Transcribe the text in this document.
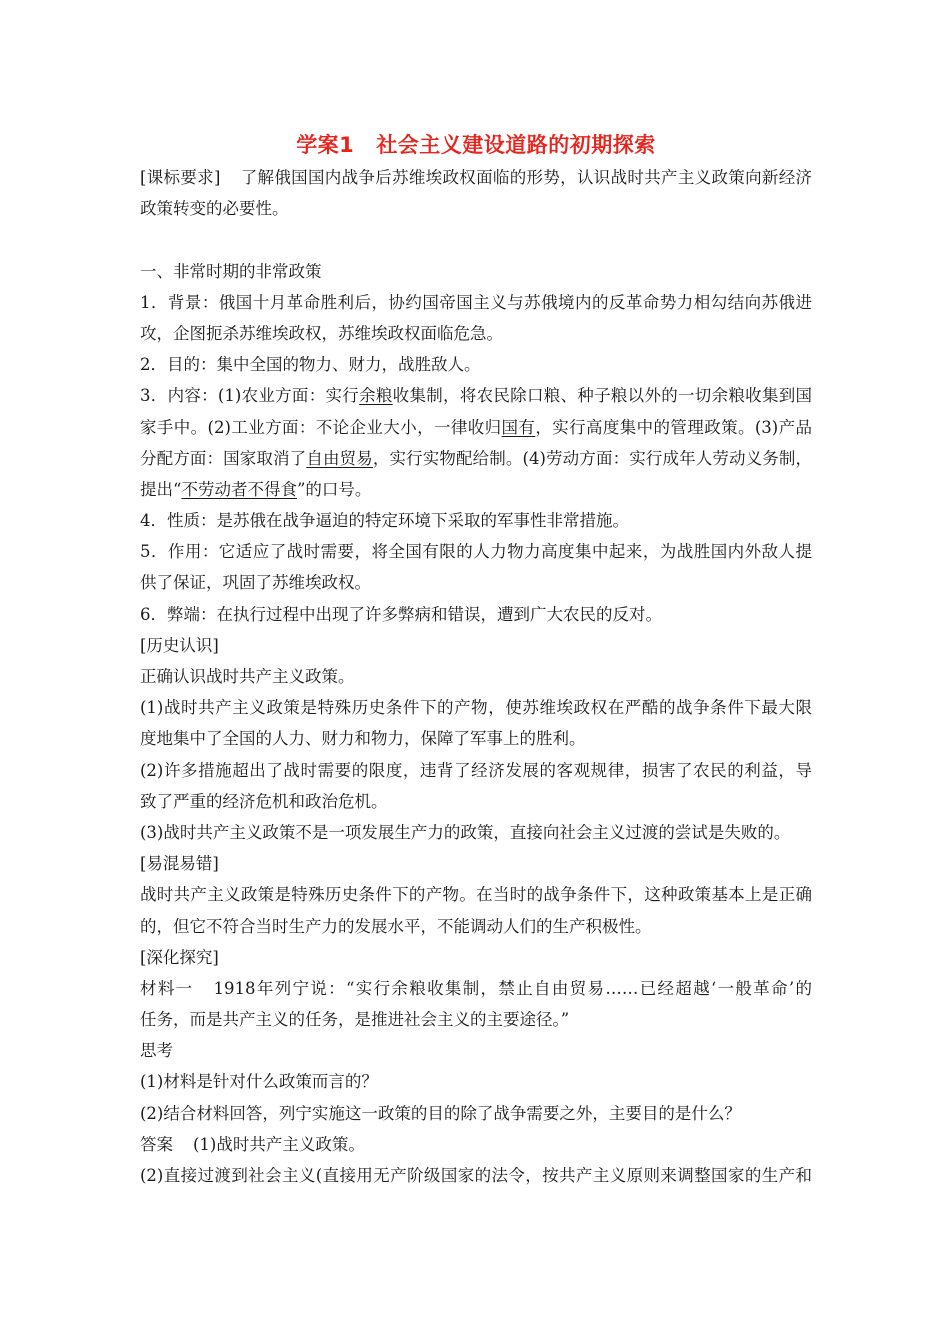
学案1 社会主义建设道路的初期探索

[课标要求] 了解俄国国内战争后苏维埃政权面临的形势，认识战时共产主义政策向新经济

政策转变的必要性。

一、非常时期的非常政策

1．背景：俄国十月革命胜利后，协约国帝国主义与苏俄境内的反革命势力相勾结向苏俄进

攻，企图扼杀苏维埃政权，苏维埃政权面临危急。

2．目的：集中全国的物力、财力，战胜敌人。

3．内容：(1)农业方面：实行余粮收集制，将农民除口粮、种子粮以外的一切余粮收集到国

家手中。(2)工业方面：不论企业大小，一律收归国有，实行高度集中的管理政策。(3)产品

分配方面：国家取消了自由贸易，实行实物配给制。(4)劳动方面：实行成年人劳动义务制，

提出“不劳动者不得食”的口号。

4．性质：是苏俄在战争逼迫的特定环境下采取的军事性非常措施。

5．作用：它适应了战时需要，将全国有限的人力物力高度集中起来，为战胜国内外敌人提

供了保证，巩固了苏维埃政权。

6．弊端：在执行过程中出现了许多弊病和错误，遭到广大农民的反对。

[历史认识]

正确认识战时共产主义政策。

(1)战时共产主义政策是特殊历史条件下的产物，使苏维埃政权在严酷的战争条件下最大限

度地集中了全国的人力、财力和物力，保障了军事上的胜利。

(2)许多措施超出了战时需要的限度，违背了经济发展的客观规律，损害了农民的利益，导

致了严重的经济危机和政治危机。

(3)战时共产主义政策不是一项发展生产力的政策，直接向社会主义过渡的尝试是失败的。

[易混易错]

战时共产主义政策是特殊历史条件下的产物。在当时的战争条件下，这种政策基本上是正确

的，但它不符合当时生产力的发展水平，不能调动人们的生产积极性。

[深化探究]

材料一 1918年列宁说：“实行余粮收集制，禁止自由贸易……已经超越‘一般革命’的

任务，而是共产主义的任务，是推进社会主义的主要途径。”

思考

(1)材料是针对什么政策而言的？

(2)结合材料回答，列宁实施这一政策的目的除了战争需要之外，主要目的是什么？

答案 (1)战时共产主义政策。

(2)直接过渡到社会主义(直接用无产阶级国家的法令，按共产主义原则来调整国家的生产和
